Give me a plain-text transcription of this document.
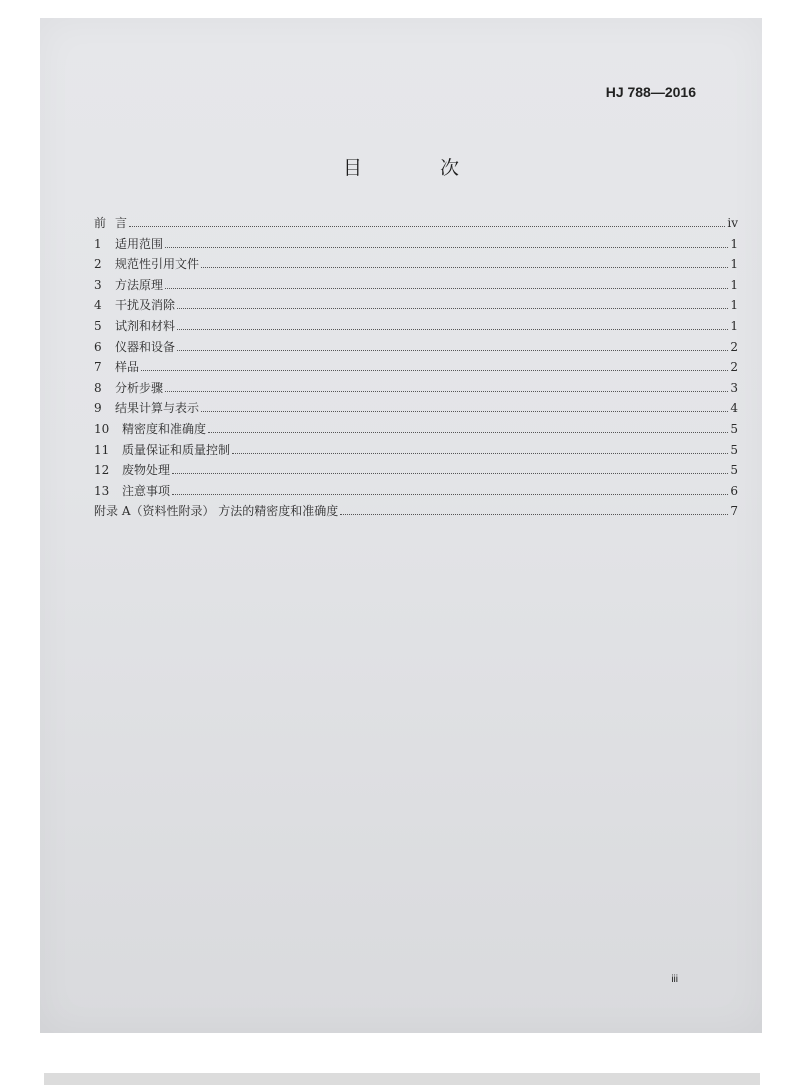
HJ 788—2016
目 次
前 言	iv
1	适用范围	1
2	规范性引用文件	1
3	方法原理	1
4	干扰及消除	1
5	试剂和材料	1
6	仪器和设备	2
7	样品	2
8	分析步骤	3
9	结果计算与表示	4
10	精密度和准确度	5
11	质量保证和质量控制	5
12	废物处理	5
13	注意事项	6
附录 A（资料性附录） 方法的精密度和准确度	7
iii
